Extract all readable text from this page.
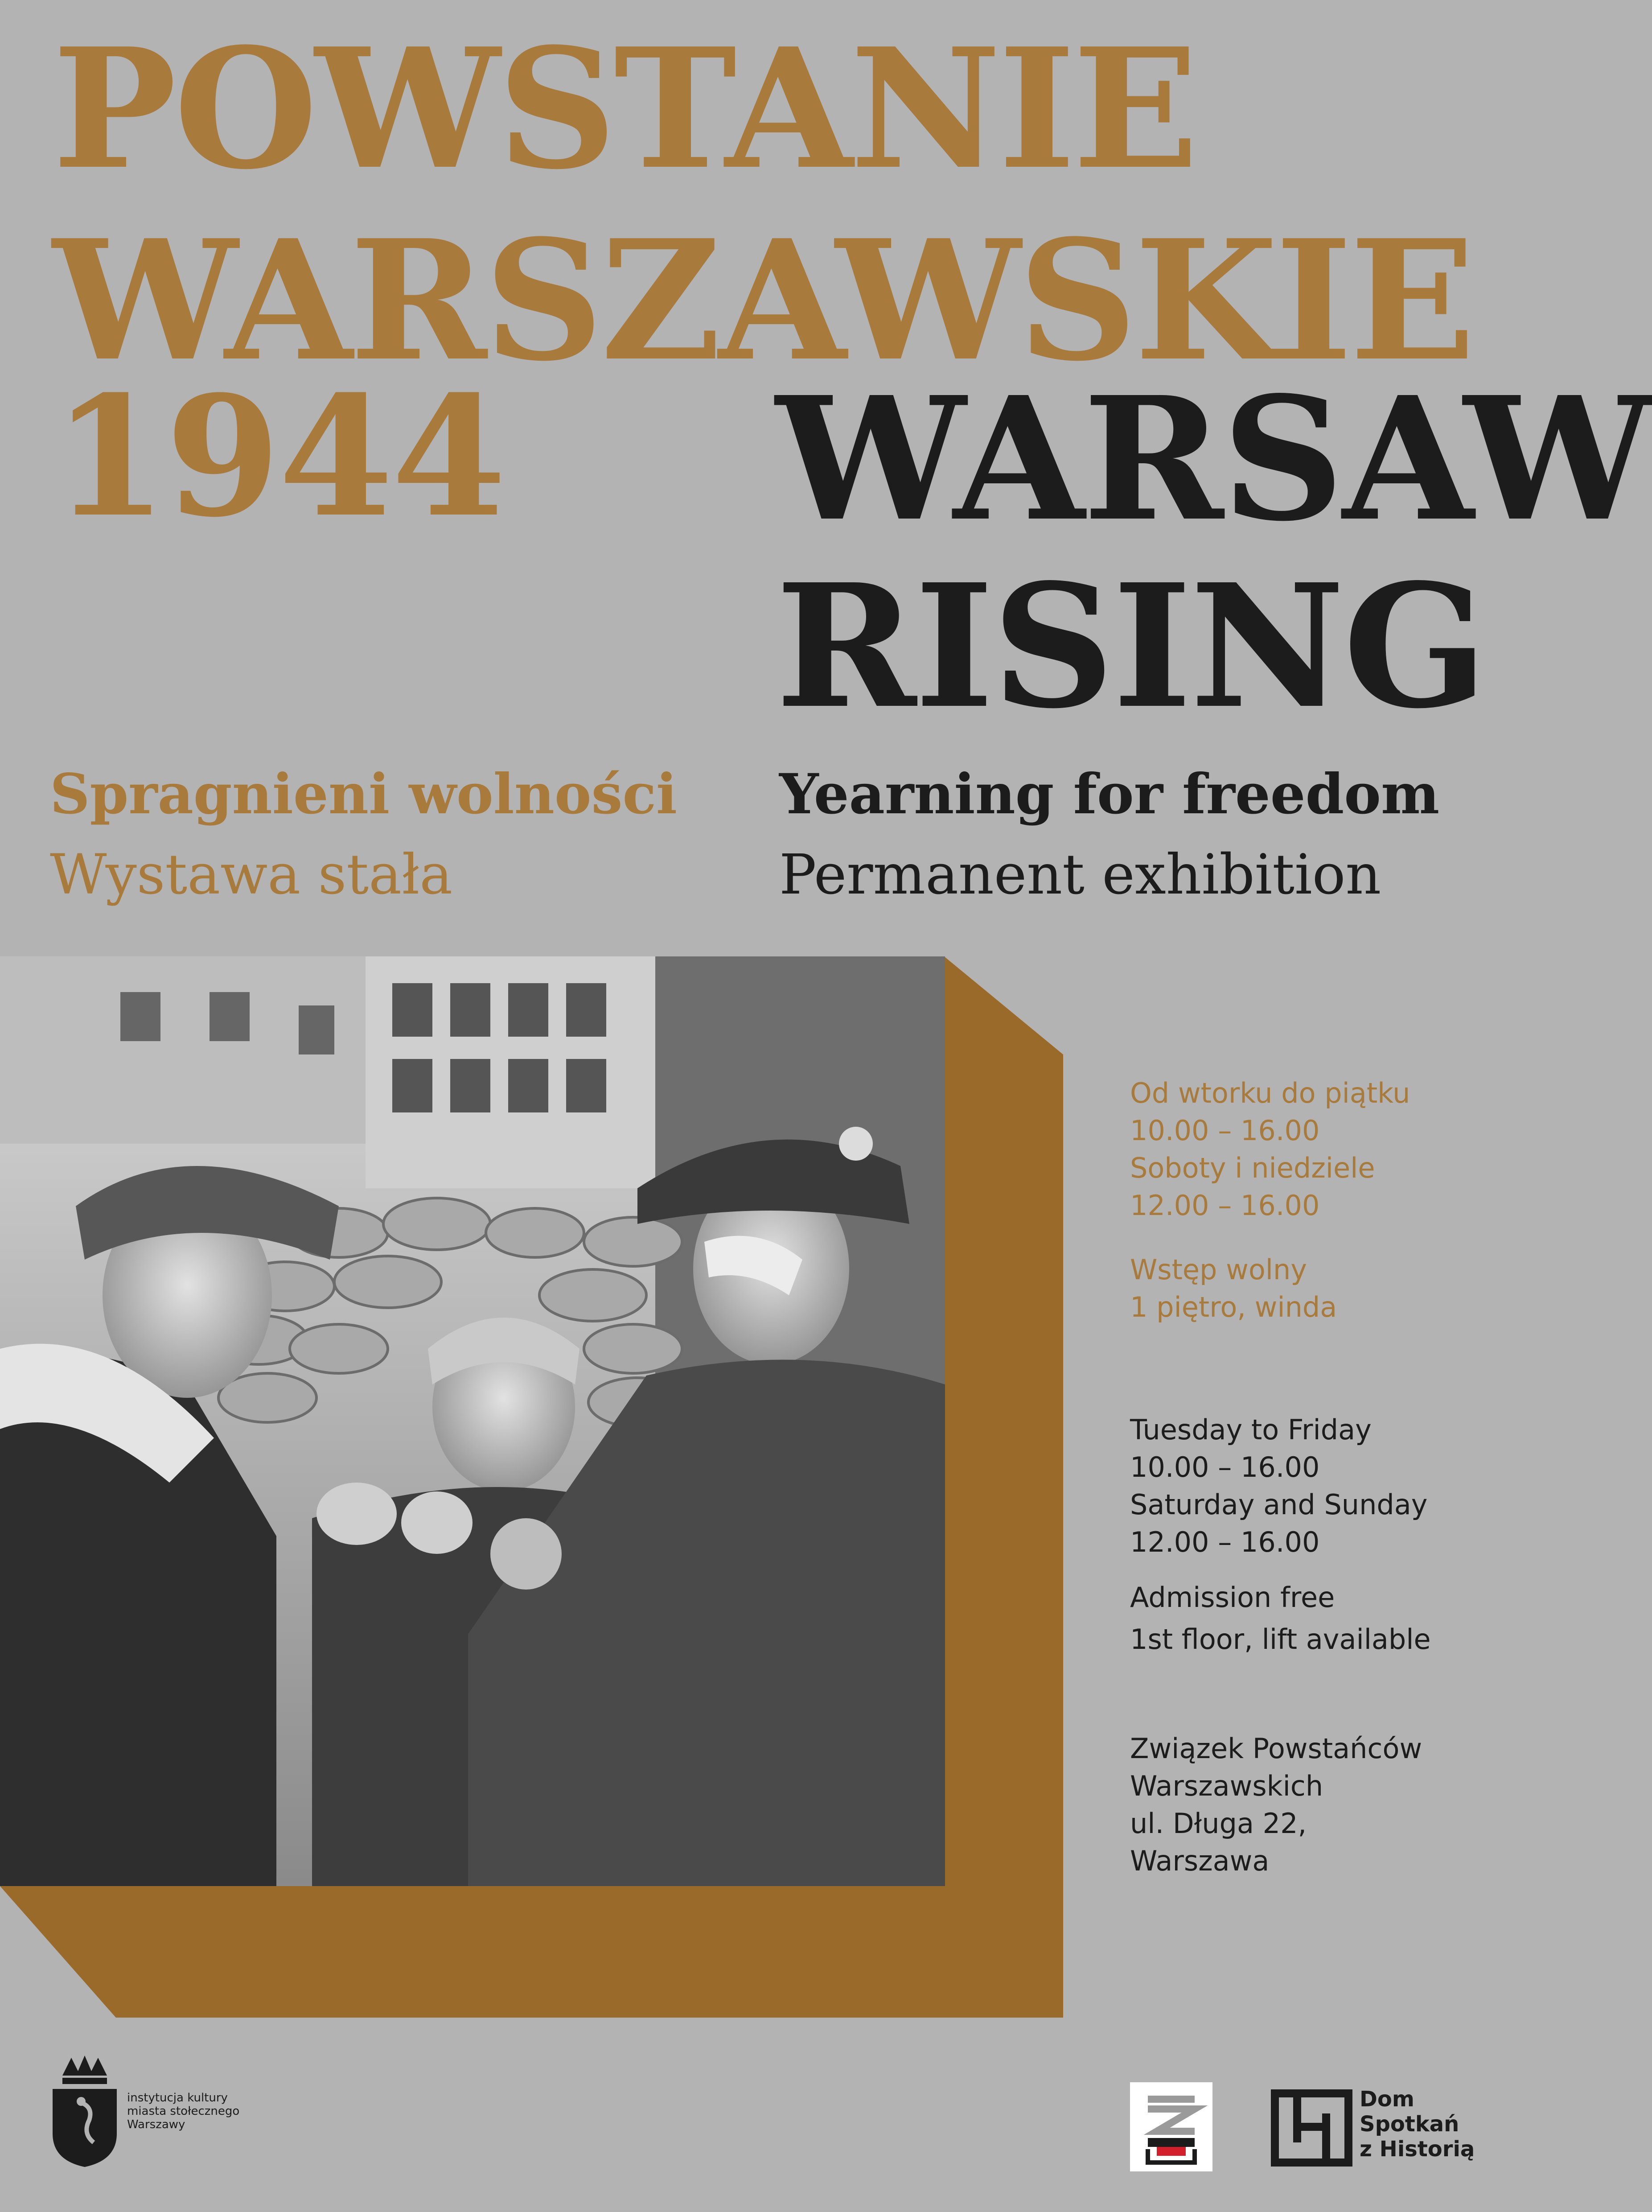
POWSTANIE
WARSZAWSKIE
1944 WARSAW
RISING
Spragnieni wolności
Wystawa stała
Yearning for freedom
Permanent exhibition
Od wtorku do piątku
10.00 – 16.00
Soboty i niedziele
12.00 – 16.00
Wstęp wolny
1 piętro, winda
Tuesday to Friday
10.00 – 16.00
Saturday and Sunday
12.00 – 16.00
Admission free
1st floor, lift available
Związek Powstańców
Warszawskich
ul. Długa 22,
Warszawa
instytucja kultury
miasta stołecznego
Warszawy
Dom
Spotkań
z Historią
